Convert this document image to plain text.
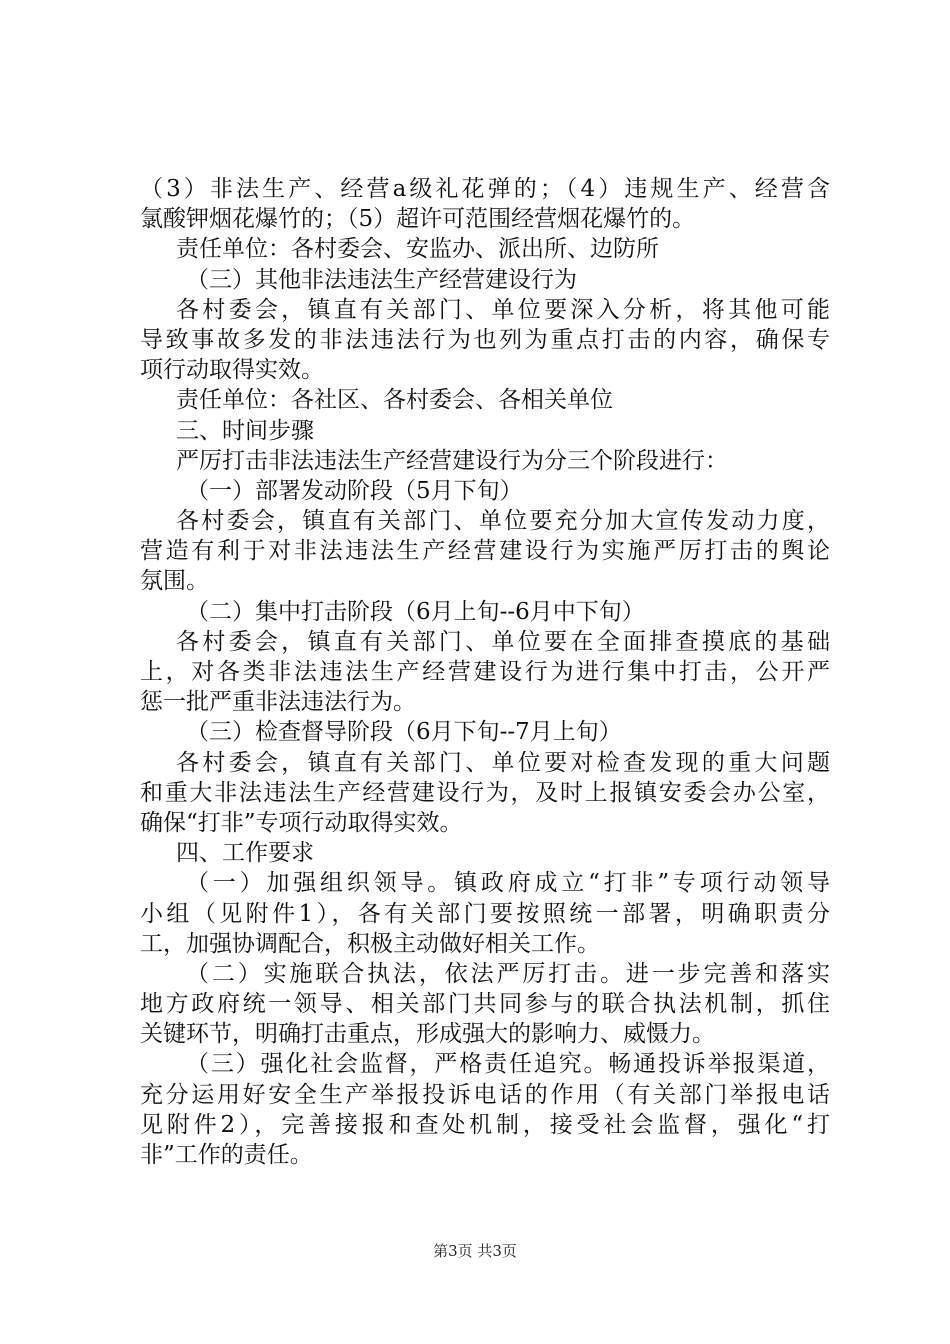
（3）非法生产、经营a级礼花弹的；（4）违规生产、经营含
氯酸钾烟花爆竹的；（5）超许可范围经营烟花爆竹的。
责任单位：各村委会、安监办、派出所、边防所
（三）其他非法违法生产经营建设行为
各村委会，镇直有关部门、单位要深入分析，将其他可能
导致事故多发的非法违法行为也列为重点打击的内容，确保专
项行动取得实效。
责任单位：各社区、各村委会、各相关单位
三、时间步骤
严厉打击非法违法生产经营建设行为分三个阶段进行：
（一）部署发动阶段（5月下旬）
各村委会，镇直有关部门、单位要充分加大宣传发动力度，
营造有利于对非法违法生产经营建设行为实施严厉打击的舆论
氛围。
（二）集中打击阶段（6月上旬--6月中下旬）
各村委会，镇直有关部门、单位要在全面排查摸底的基础
上，对各类非法违法生产经营建设行为进行集中打击，公开严
惩一批严重非法违法行为。
（三）检查督导阶段（6月下旬--7月上旬）
各村委会，镇直有关部门、单位要对检查发现的重大问题
和重大非法违法生产经营建设行为，及时上报镇安委会办公室，
确保“打非”专项行动取得实效。
四、工作要求
（一）加强组织领导。镇政府成立“打非”专项行动领导
小组（见附件1），各有关部门要按照统一部署，明确职责分
工，加强协调配合，积极主动做好相关工作。
（二）实施联合执法，依法严厉打击。进一步完善和落实
地方政府统一领导、相关部门共同参与的联合执法机制，抓住
关键环节，明确打击重点，形成强大的影响力、威慑力。
（三）强化社会监督，严格责任追究。畅通投诉举报渠道，
充分运用好安全生产举报投诉电话的作用（有关部门举报电话
见附件2），完善接报和查处机制，接受社会监督，强化“打
非”工作的责任。
第3页 共3页
